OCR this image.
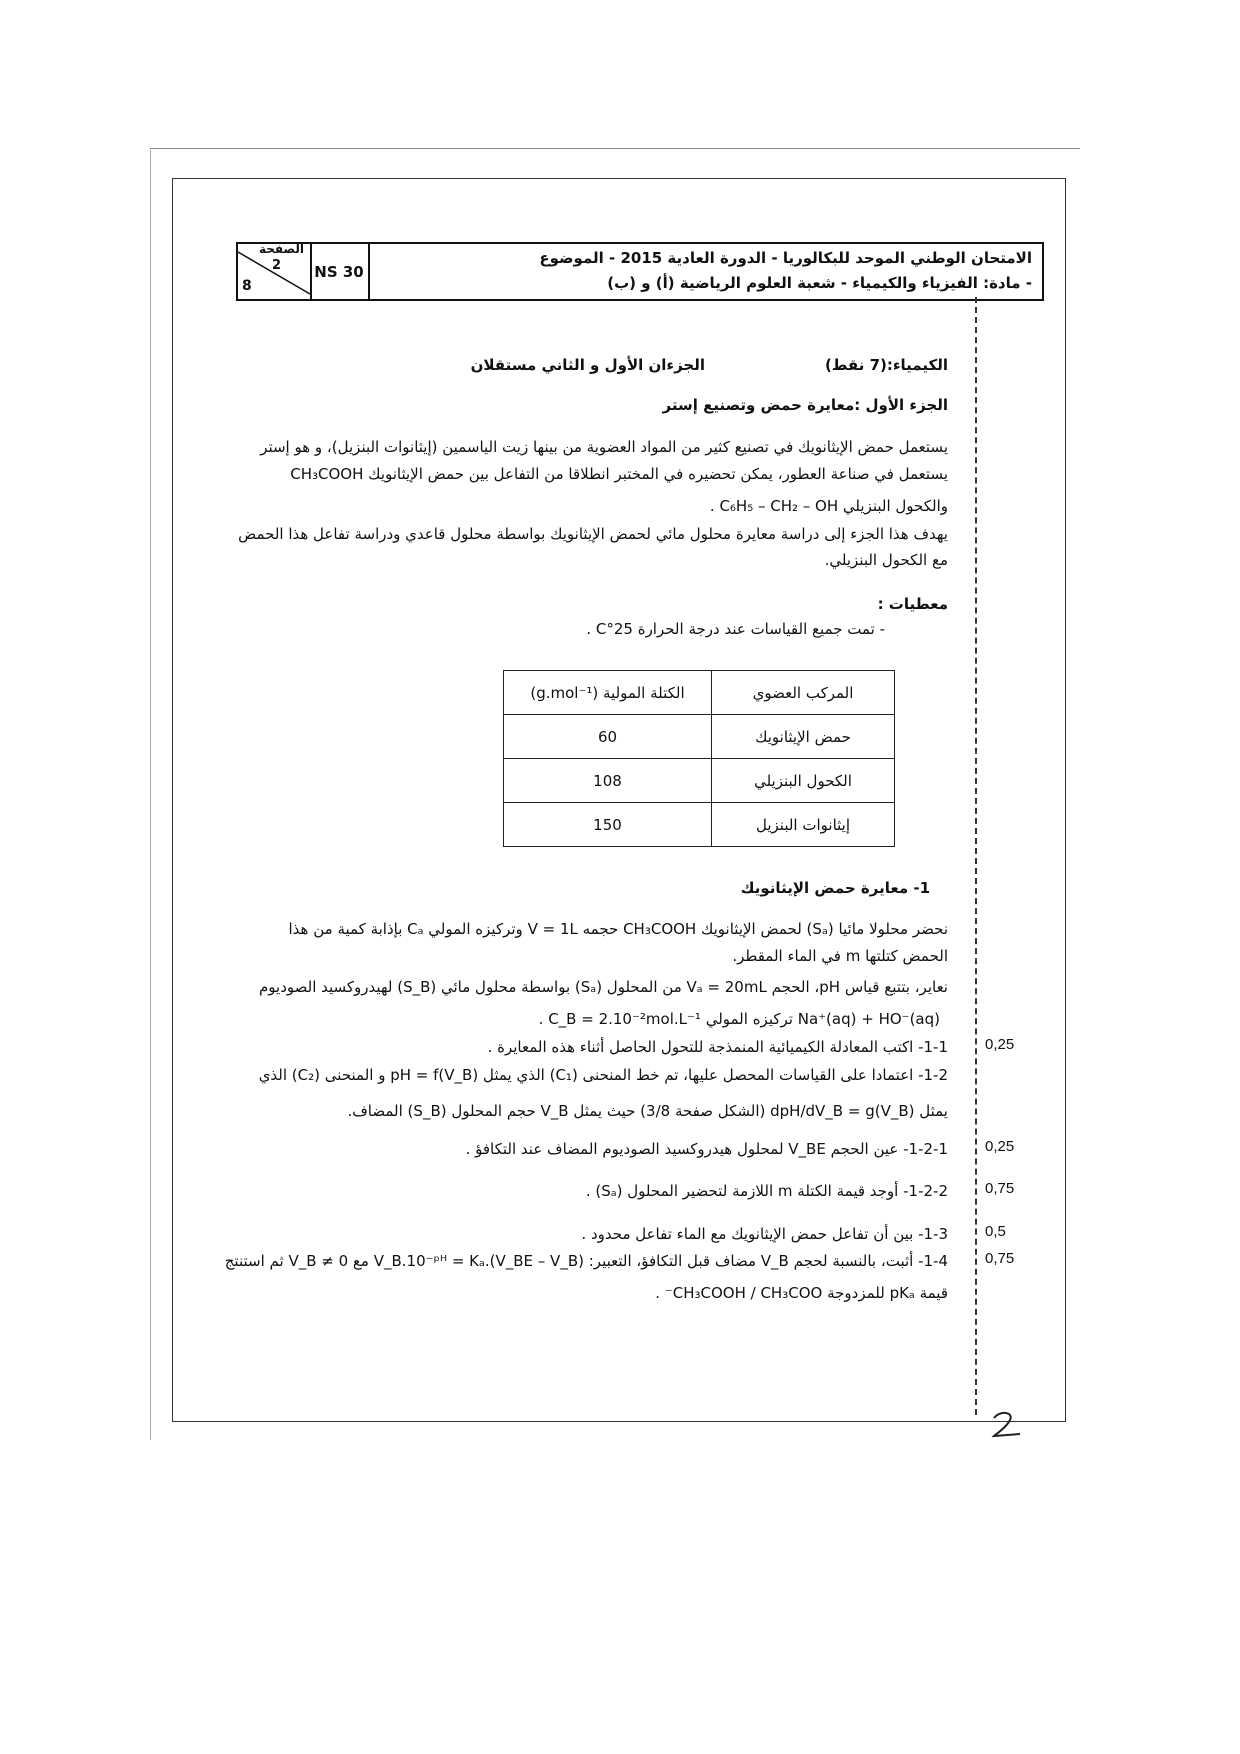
الصفحة
2
8
NS 30
الامتحان الوطني الموحد للبكالوريا - الدورة العادية 2015 - الموضوع
- مادة: الفيزياء والكيمياء - شعبة العلوم الرياضية (أ) و (ب)
الكيمياء:(7 نقط)
الجزءان الأول و الثاني مستقلان
الجزء الأول :معايرة حمض وتصنيع إستر
يستعمل حمض الإيثانويك في تصنيع كثير من المواد العضوية من بينها زيت الياسمين (إيثانوات البنزيل)، و هو إستر
يستعمل في صناعة العطور، يمكن تحضيره في المختبر انطلاقا من التفاعل بين حمض الإيثانويك CH₃COOH
والكحول البنزيلي C₆H₅ – CH₂ – OH .
يهدف هذا الجزء إلى دراسة معايرة محلول مائي لحمض الإيثانويك بواسطة محلول قاعدي ودراسة تفاعل هذا الحمض
مع الكحول البنزيلي.
معطيات :
- تمت جميع القياسات عند درجة الحرارة 25°C .
المركب العضوي	الكتلة المولية (g.mol⁻¹)
حمض الإيثانويك	60
الكحول البنزيلي	108
إيثانوات البنزيل	150
1- معايرة حمض الإيثانويك
نحضر محلولا مائيا (Sₐ) لحمض الإيثانويك CH₃COOH حجمه V = 1L وتركيزه المولي Cₐ بإذابة كمية من هذا
الحمض كتلتها m في الماء المقطر.
نعاير، بتتبع قياس pH، الحجم Vₐ = 20mL من المحلول (Sₐ) بواسطة محلول مائي (S_B) لهيدروكسيد الصوديوم
Na⁺(aq) + HO⁻(aq) تركيزه المولي C_B = 2.10⁻²mol.L⁻¹ .
1-1- اكتب المعادلة الكيميائية المنمذجة للتحول الحاصل أثناء هذه المعايرة .
1-2- اعتمادا على القياسات المحصل عليها، تم خط المنحنى (C₁) الذي يمثل pH = f(V_B) و المنحنى (C₂) الذي
يمثل dpH/dV_B = g(V_B) (الشكل صفحة 3/8) حيث يمثل V_B حجم المحلول (S_B) المضاف.
1-2-1- عين الحجم V_BE لمحلول هيدروكسيد الصوديوم المضاف عند التكافؤ .
1-2-2- أوجد قيمة الكتلة m اللازمة لتحضير المحلول (Sₐ) .
1-3- بين أن تفاعل حمض الإيثانويك مع الماء تفاعل محدود .
1-4- أثبت، بالنسبة لحجم V_B مضاف قبل التكافؤ، التعبير: V_B.10⁻ᵖᴴ = Kₐ.(V_BE – V_B) مع V_B ≠ 0 ثم استنتج
قيمة pKₐ للمزدوجة CH₃COOH / CH₃COO⁻ .
0,25
0,25
0,75
0,5
0,75
